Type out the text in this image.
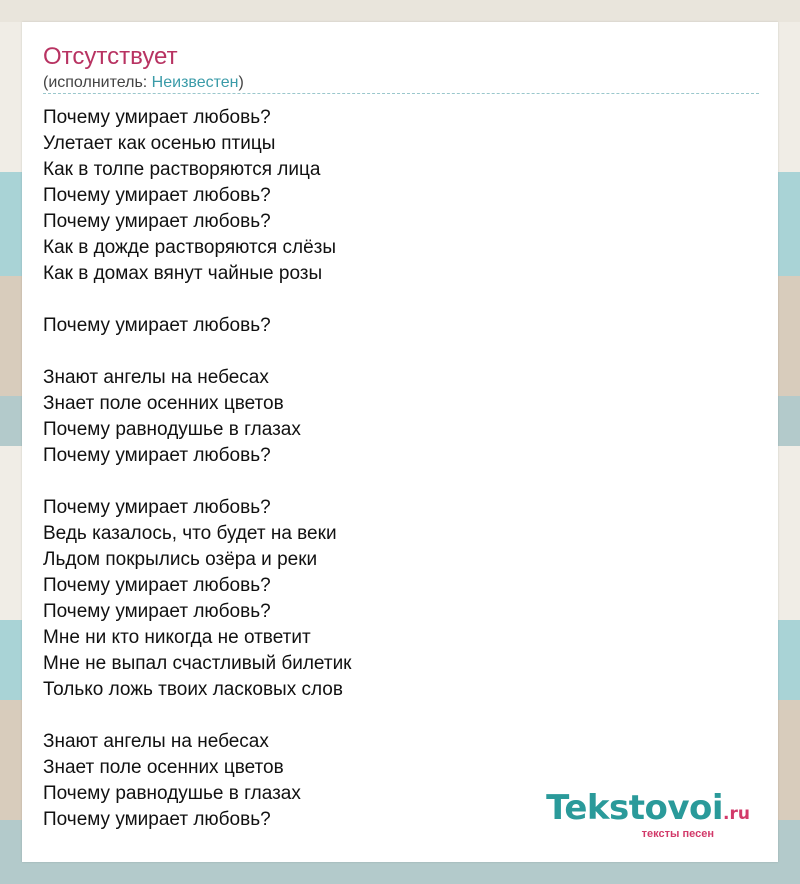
Отсутствует
(исполнитель: Неизвестен)
Почему умирает любовь?
Улетает как осенью птицы
Как в толпе растворяются лица
Почему умирает любовь?
Почему умирает любовь?
Как в дожде растворяются слёзы
Как в домах вянут чайные розы
Почему умирает любовь?
Знают ангелы на небесах
Знает поле осенних цветов
Почему равнодушье в глазах
Почему умирает любовь?
Почему умирает любовь?
Ведь казалось, что будет на веки
Льдом покрылись озёра и реки
Почему умирает любовь?
Почему умирает любовь?
Мне ни кто никогда не ответит
Мне не выпал счастливый билетик
Только ложь твоих ласковых слов
Знают ангелы на небесах
Знает поле осенних цветов
Почему равнодушье в глазах
Почему умирает любовь?	Tekstovoi.ru
тексты песен
